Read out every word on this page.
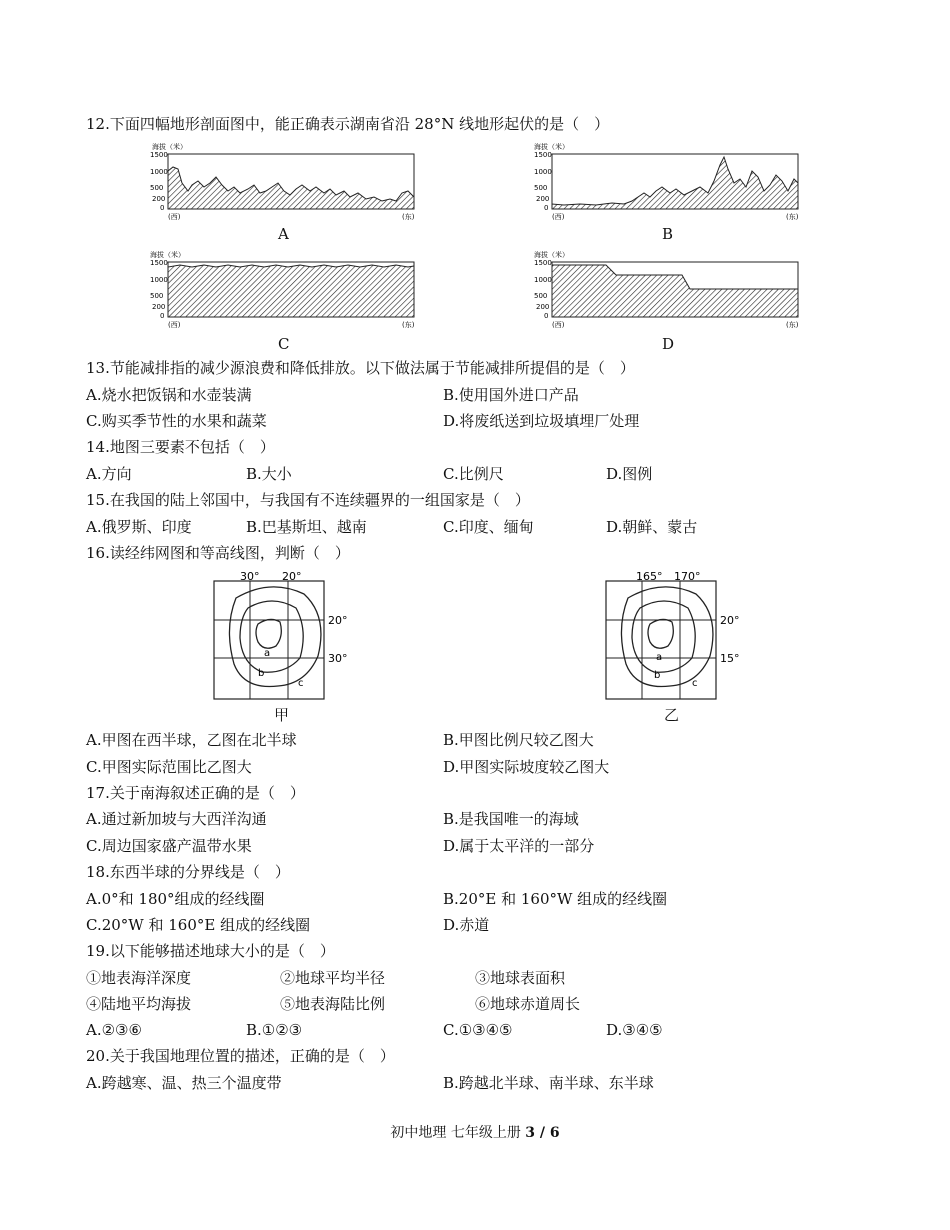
12.下面四幅地形剖面图中，能正确表示湖南省沿 28°N 线地形起伏的是（　）
海拔（米）
1500
1000
500
200
0
(西)	(东)
A
海拔（米）
1500
1000
500
200
0
(西)	(东)
B
海拔（米）
1500
1000
500
200
0
(西)	(东)
C
海拔（米）
1500
1000
500
200
0
(西)	(东)
D
13.节能减排指的减少源浪费和降低排放。以下做法属于节能减排所提倡的是（　）
A.烧水把饭锅和水壶装满	B.使用国外进口产品
C.购买季节性的水果和蔬菜	D.将废纸送到垃圾填埋厂处理
14.地图三要素不包括（　）
A.方向	B.大小	C.比例尺	D.图例
15.在我国的陆上邻国中，与我国有不连续疆界的一组国家是（　）
A.俄罗斯、印度	B.巴基斯坦、越南	C.印度、缅甸	D.朝鲜、蒙古
16.读经纬网图和等高线图，判断（　）
30° 20°
20°
30°
a
b
c
甲
165° 170°
20°
15°
a
b
c
乙
A.甲图在西半球，乙图在北半球	B.甲图比例尺较乙图大
C.甲图实际范围比乙图大	D.甲图实际坡度较乙图大
17.关于南海叙述正确的是（　）
A.通过新加坡与大西洋沟通	B.是我国唯一的海域
C.周边国家盛产温带水果	D.属于太平洋的一部分
18.东西半球的分界线是（　）
A.0°和 180°组成的经线圈	B.20°E 和 160°W 组成的经线圈
C.20°W 和 160°E 组成的经线圈	D.赤道
19.以下能够描述地球大小的是（　）
①地表海洋深度	②地球平均半径	③地球表面积
④陆地平均海拔	⑤地表海陆比例	⑥地球赤道周长
A.②③⑥	B.①②③	C.①③④⑤	D.③④⑤
20.关于我国地理位置的描述，正确的是（　）
A.跨越寒、温、热三个温度带	B.跨越北半球、南半球、东半球
初中地理 七年级上册 3 / 6
